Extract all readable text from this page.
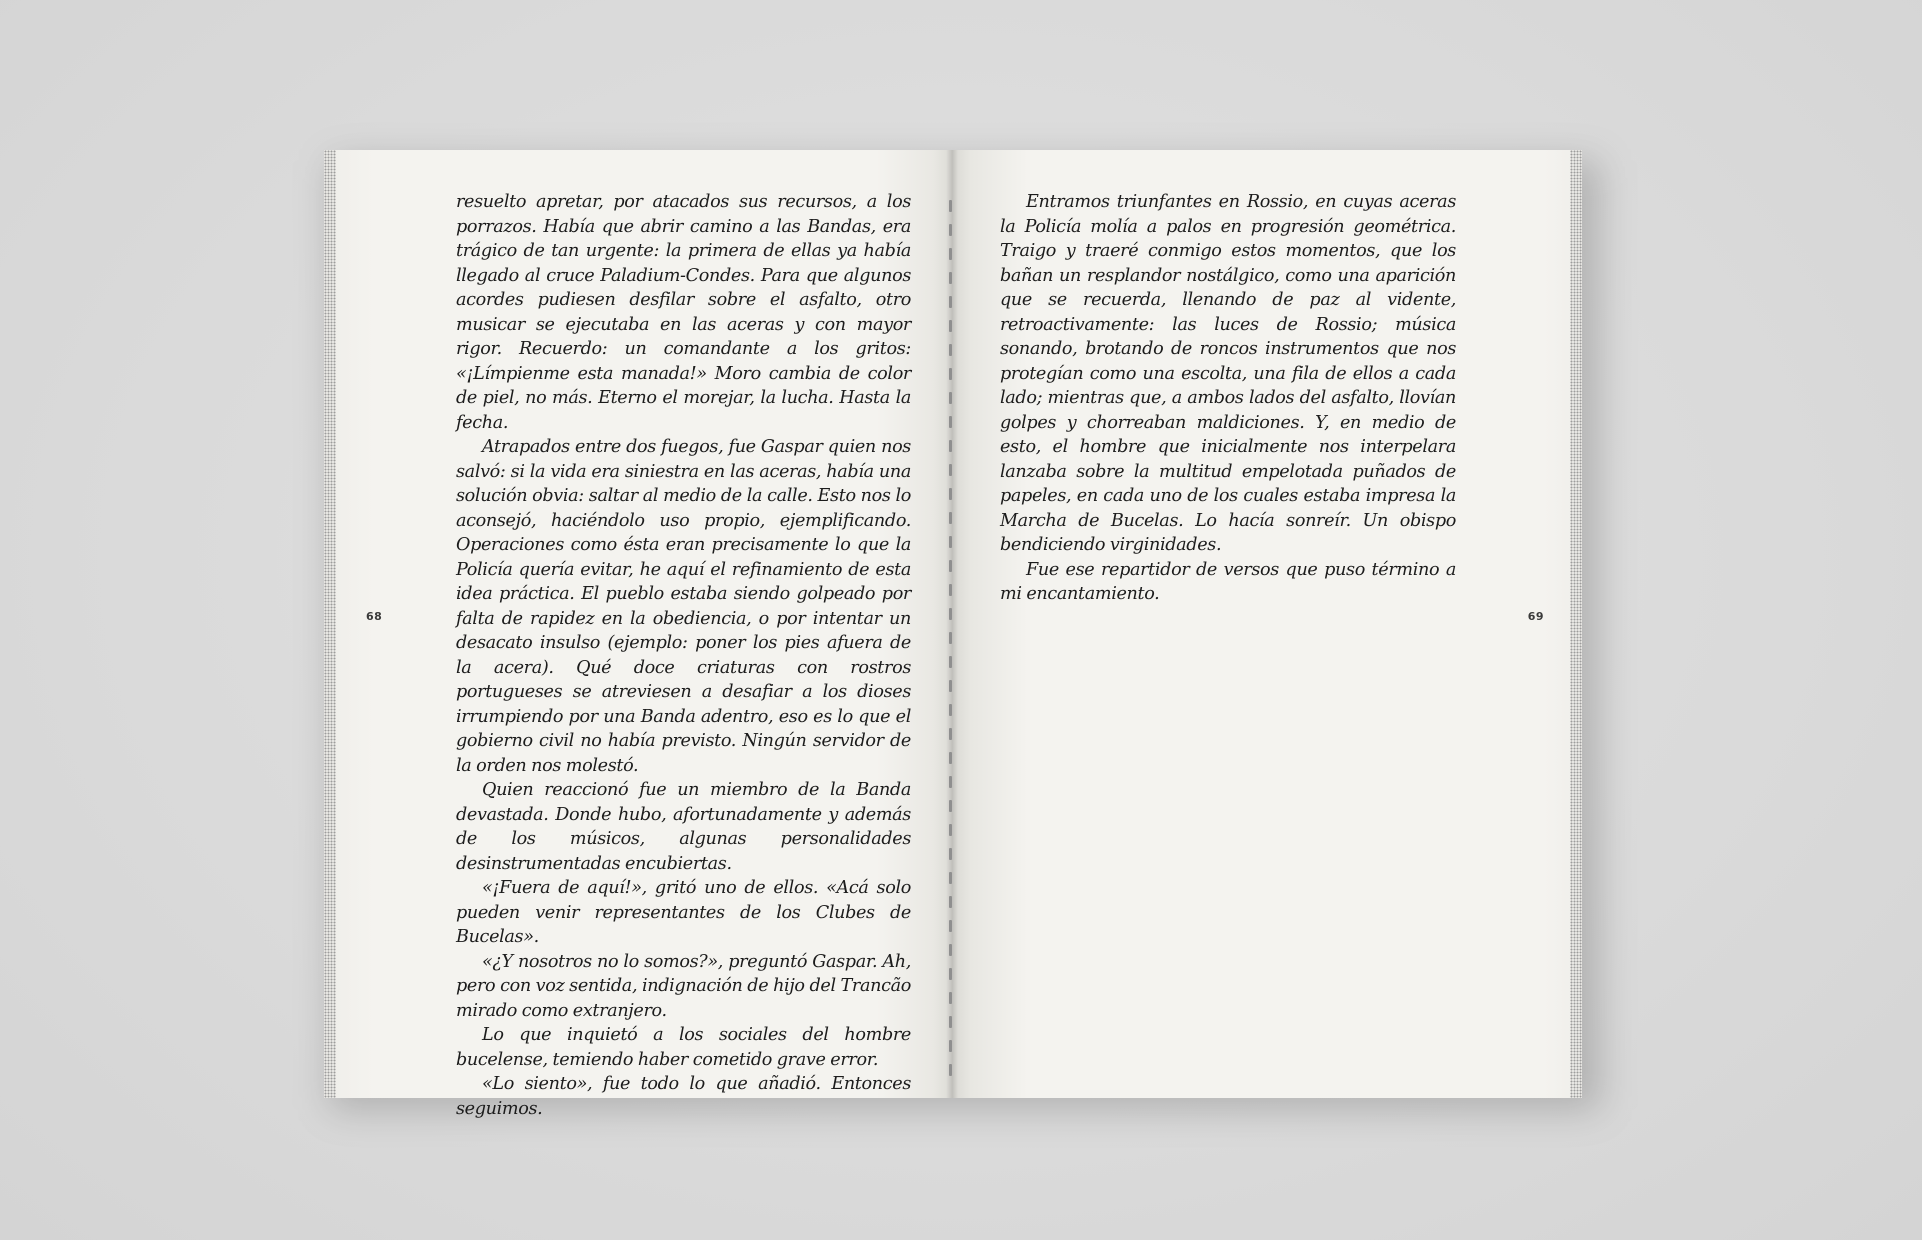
68

resuelto apretar, por atacados sus recursos, a los porrazos. Había que abrir camino a las Bandas, era trágico de tan urgente: la primera de ellas ya había llegado al cruce Paladium-Condes. Para que algunos acordes pudiesen desfilar sobre el asfalto, otro musicar se ejecutaba en las aceras y con mayor rigor. Recuerdo: un comandante a los gritos: «¡Límpienme esta manada!» Moro cambia de color de piel, no más. Eterno el morejar, la lucha. Hasta la fecha.

Atrapados entre dos fuegos, fue Gaspar quien nos salvó: si la vida era siniestra en las aceras, había una solución obvia: saltar al medio de la calle. Esto nos lo aconsejó, haciéndolo uso propio, ejemplificando. Operaciones como ésta eran precisamente lo que la Policía quería evitar, he aquí el refinamiento de esta idea práctica. El pueblo estaba siendo golpeado por falta de rapidez en la obediencia, o por intentar un desacato insulso (ejemplo: poner los pies afuera de la acera). Qué doce criaturas con rostros portugueses se atreviesen a desafiar a los dioses irrumpiendo por una Banda adentro, eso es lo que el gobierno civil no había previsto. Ningún servidor de la orden nos molestó.

Quien reaccionó fue un miembro de la Banda devastada. Donde hubo, afortunadamente y además de los músicos, algunas personalidades desinstrumentadas encubiertas.

«¡Fuera de aquí!», gritó uno de ellos. «Acá solo pueden venir representantes de los Clubes de Bucelas».

«¿Y nosotros no lo somos?», preguntó Gaspar. Ah, pero con voz sentida, indignación de hijo del Trancão mirado como extranjero.

Lo que inquietó a los sociales del hombre bucelense, temiendo haber cometido grave error.

«Lo siento», fue todo lo que añadió. Entonces seguimos.

69

Entramos triunfantes en Rossio, en cuyas aceras la Policía molía a palos en progresión geométrica. Traigo y traeré conmigo estos momentos, que los bañan un resplandor nostálgico, como una aparición que se recuerda, llenando de paz al vidente, retroactivamente: las luces de Rossio; música sonando, brotando de roncos instrumentos que nos protegían como una escolta, una fila de ellos a cada lado; mientras que, a ambos lados del asfalto, llovían golpes y chorreaban maldiciones. Y, en medio de esto, el hombre que inicialmente nos interpelara lanzaba sobre la multitud empelotada puñados de papeles, en cada uno de los cuales estaba impresa la Marcha de Bucelas. Lo hacía sonreír. Un obispo bendiciendo virginidades.

Fue ese repartidor de versos que puso término a mi encantamiento.
